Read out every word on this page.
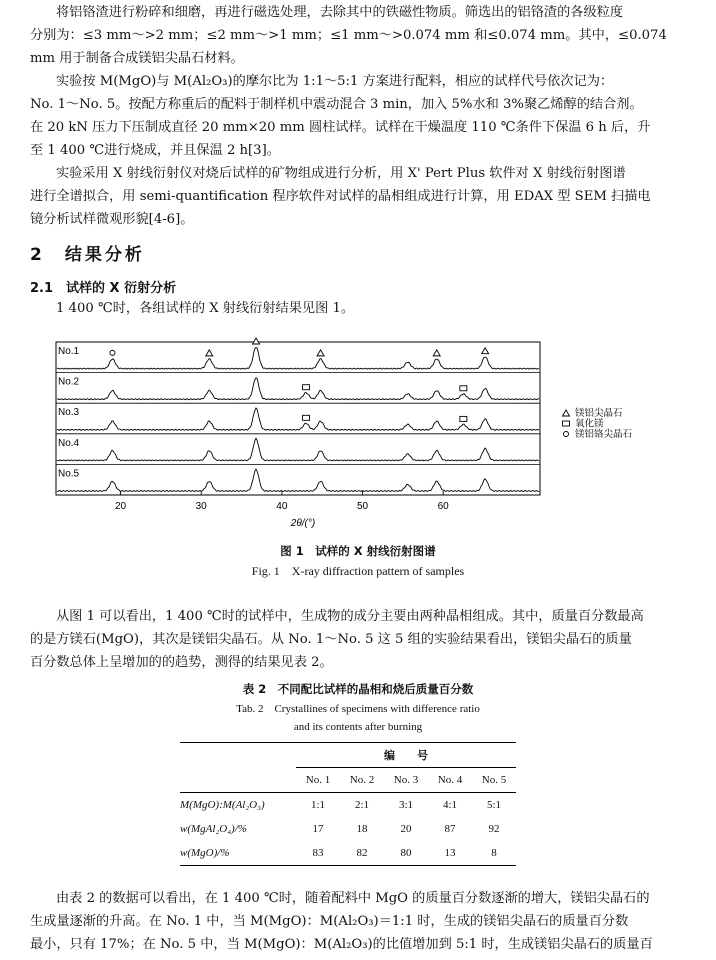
将铝铬渣进行粉碎和细磨，再进行磁选处理，去除其中的铁磁性物质。筛选出的铝铬渣的各级粒度
分别为：≤3 mm～>2 mm；≤2 mm～>1 mm；≤1 mm～>0.074 mm 和≤0.074 mm。其中，≤0.074
mm 用于制备合成镁铝尖晶石材料。
实验按 M(MgO)与 M(Al₂O₃)的摩尔比为 1:1～5:1 方案进行配料，相应的试样代号依次记为：
No. 1～No. 5。按配方称重后的配料于制样机中震动混合 3 min，加入 5%水和 3%聚乙烯醇的结合剂。
在 20 kN 压力下压制成直径 20 mm×20 mm 圆柱试样。试样在干燥温度 110 ℃条件下保温 6 h 后，升
至 1 400 ℃进行烧成，并且保温 2 h[3]。
实验采用 X 射线衍射仪对烧后试样的矿物组成进行分析，用 X' Pert Plus 软件对 X 射线衍射图谱
进行全谱拟合，用 semi-quantification 程序软件对试样的晶相组成进行计算，用 EDAX 型 SEM 扫描电
镜分析试样微观形貌[4-6]。
2　结果分析
2.1　试样的 X 衍射分析
1 400 ℃时，各组试样的 X 射线衍射结果见图 1。
No.1
No.2
No.3
No.4
No.5
20	30	40	50	60
2θ/(°)
镁铝尖晶石
氧化镁
镁铝铬尖晶石
图 1　试样的 X 射线衍射图谱
Fig. 1　X-ray diffraction pattern of samples
从图 1 可以看出，1 400 ℃时的试样中，生成物的成分主要由两种晶相组成。其中，质量百分数最高
的是方镁石(MgO)，其次是镁铝尖晶石。从 No. 1～No. 5 这 5 组的实验结果看出，镁铝尖晶石的质量
百分数总体上呈增加的的趋势，测得的结果见表 2。
表 2　不同配比试样的晶相和烧后质量百分数
Tab. 2　Crystallines of specimens with difference ratio
and its contents after burning
	编　　号				
	No. 1	No. 2	No. 3	No. 4	No. 5
M(MgO):M(Al₂O₃)	1:1	2:1	3:1	4:1	5:1
w(MgAl₂O₄)/%	17	18	20	87	92
w(MgO)/%	83	82	80	13	8
由表 2 的数据可以看出，在 1 400 ℃时，随着配料中 MgO 的质量百分数逐渐的增大，镁铝尖晶石的
生成量逐渐的升高。在 No. 1 中，当 M(MgO)：M(Al₂O₃)＝1:1 时，生成的镁铝尖晶石的质量百分数
最小，只有 17%；在 No. 5 中，当 M(MgO)：M(Al₂O₃)的比值增加到 5:1 时，生成镁铝尖晶石的质量百
